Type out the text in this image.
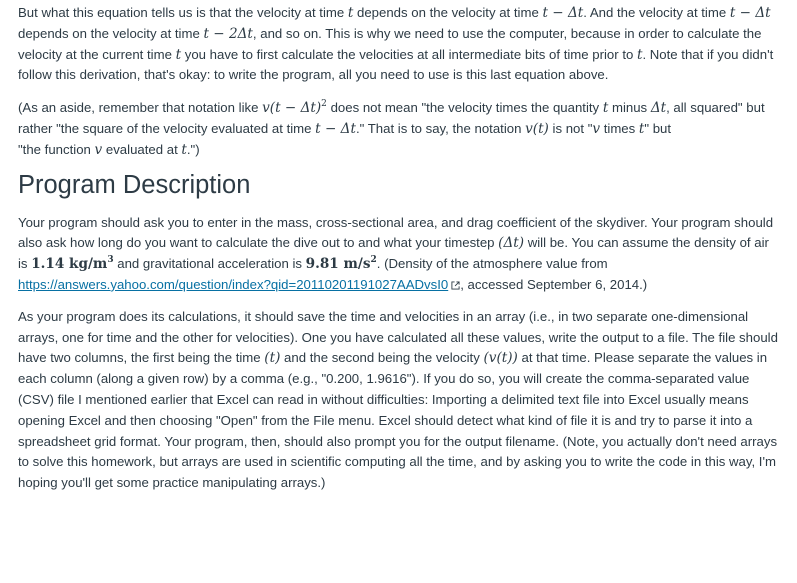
But what this equation tells us is that the velocity at time t depends on the velocity at time t − Δt. And the velocity at time t − Δt depends on the velocity at time t − 2Δt, and so on. This is why we need to use the computer, because in order to calculate the velocity at the current time t you have to first calculate the velocities at all intermediate bits of time prior to t. Note that if you didn't follow this derivation, that's okay: to write the program, all you need to use is this last equation above.

(As an aside, remember that notation like $v(t - \Delta t)^2$ does not mean "the velocity times the quantity t minus Δt, all squared" but rather "the square of the velocity evaluated at time t − Δt." That is to say, the notation v(t) is not "v times t" but
"the function v evaluated at t.")

Program Description

Your program should ask you to enter in the mass, cross-sectional area, and drag coefficient of the skydiver. Your program should also ask how long do you want to calculate the dive out to and what your timestep (Δt) will be. You can assume the density of air is 1.14 $kg/m^3$ and gravitational acceleration is 9.81 $m/s^2$. (Density of the atmosphere value from
https://answers.yahoo.com/question/index?qid=20110201191027AADvsI0 , accessed September 6, 2014.)

As your program does its calculations, it should save the time and velocities in an array (i.e., in two separate one-dimensional arrays, one for time and the other for velocities). One you have calculated all these values, write the output to a file. The file should have two columns, the first being the time (t) and the second being the velocity (v(t)) at that time. Please separate the values in each column (along a given row) by a comma (e.g., "0.200, 1.9616"). If you do so, you will create the comma-separated value (CSV) file I mentioned earlier that Excel can read in without difficulties: Importing a delimited text file into Excel usually means opening Excel and then choosing "Open" from the File menu. Excel should detect what kind of file it is and try to parse it into a spreadsheet grid format. Your program, then, should also prompt you for the output filename. (Note, you actually don't need arrays to solve this homework, but arrays are used in scientific computing all the time, and by asking you to write the code in this way, I'm hoping you'll get some practice manipulating arrays.)
